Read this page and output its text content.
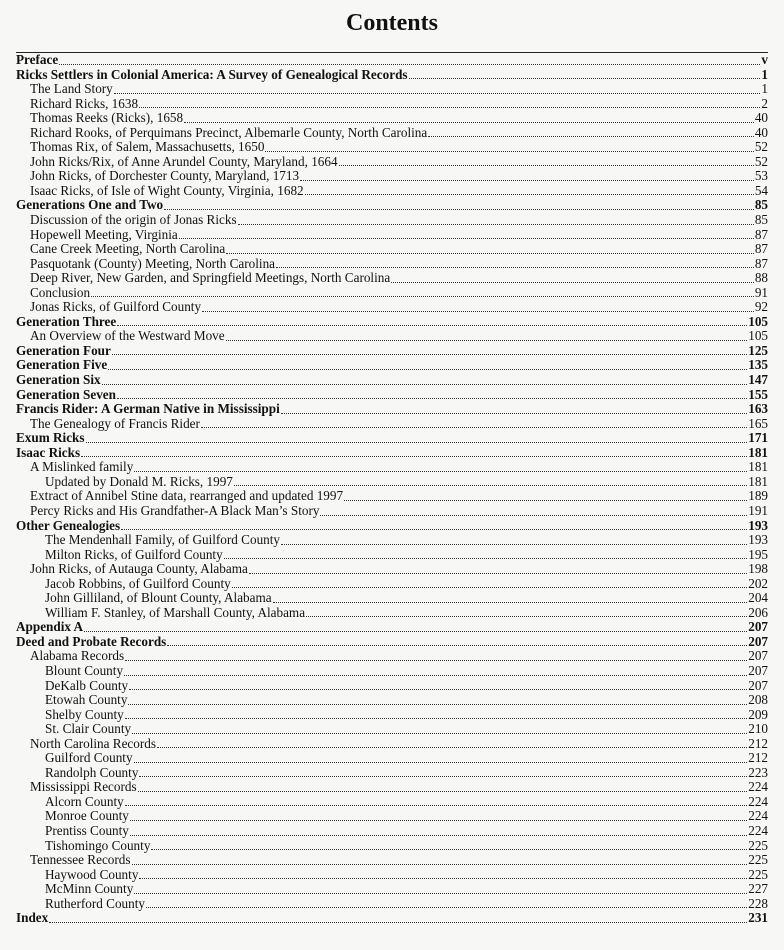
Contents
Preface	v
Ricks Settlers in Colonial America: A Survey of Genealogical Records	1
The Land Story	1
Richard Ricks, 1638	2
Thomas Reeks (Ricks), 1658	40
Richard Rooks, of Perquimans Precinct, Albemarle County, North Carolina	40
Thomas Rix, of Salem, Massachusetts, 1650	52
John Ricks/Rix, of Anne Arundel County, Maryland, 1664	52
John Ricks, of Dorchester County, Maryland, 1713	53
Isaac Ricks, of Isle of Wight County, Virginia, 1682	54
Generations One and Two	85
Discussion of the origin of Jonas Ricks	85
Hopewell Meeting, Virginia	87
Cane Creek Meeting, North Carolina	87
Pasquotank (County) Meeting, North Carolina	87
Deep River, New Garden, and Springfield Meetings, North Carolina	88
Conclusion	91
Jonas Ricks, of Guilford County	92
Generation Three	105
An Overview of the Westward Move	105
Generation Four	125
Generation Five	135
Generation Six	147
Generation Seven	155
Francis Rider: A German Native in Mississippi	163
The Genealogy of Francis Rider	165
Exum Ricks	171
Isaac Ricks	181
A Mislinked family	181
Updated by Donald M. Ricks, 1997	181
Extract of Annibel Stine data, rearranged and updated 1997	189
Percy Ricks and His Grandfather-A Black Man’s Story	191
Other Genealogies	193
The Mendenhall Family, of Guilford County	193
Milton Ricks, of Guilford County	195
John Ricks, of Autauga County, Alabama	198
Jacob Robbins, of Guilford County	202
John Gilliland, of Blount County, Alabama	204
William F. Stanley, of Marshall County, Alabama	206
Appendix A	207
Deed and Probate Records	207
Alabama Records	207
Blount County	207
DeKalb County	207
Etowah County	208
Shelby County	209
St. Clair County	210
North Carolina Records	212
Guilford County	212
Randolph County	223
Mississippi Records	224
Alcorn County	224
Monroe County	224
Prentiss County	224
Tishomingo County	225
Tennessee Records	225
Haywood County	225
McMinn County	227
Rutherford County	228
Index	231
